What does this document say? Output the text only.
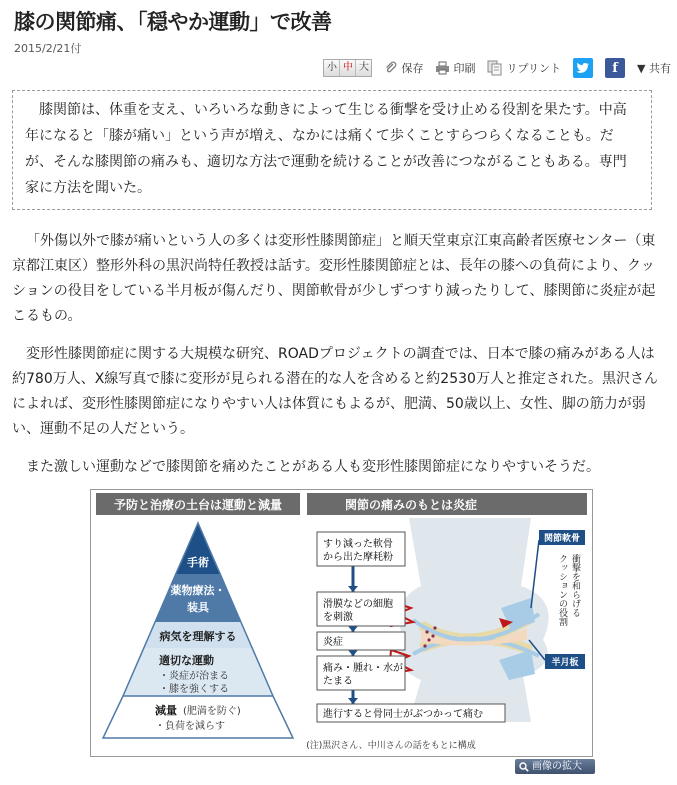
膝の関節痛、「穏やか運動」で改善
2015/2/21付
小 中 大	保存	印刷	リプリント	f ▼ 共有

膝関節は、体重を支え、いろいろな動きによって生じる衝撃を受け止める役割を果たす。中高年になると「膝が痛い」という声が増え、なかには痛くて歩くことすらつらくなることも。だが、そんな膝関節の痛みも、適切な方法で運動を続けることが改善につながることもある。専門家に方法を聞いた。

「外傷以外で膝が痛いという人の多くは変形性膝関節症」と順天堂東京江東高齢者医療センター（東京都江東区）整形外科の黒沢尚特任教授は話す。変形性膝関節症とは、長年の膝への負荷により、クッションの役目をしている半月板が傷んだり、関節軟骨が少しずつすり減ったりして、膝関節に炎症が起こるもの。

変形性膝関節症に関する大規模な研究、ROADプロジェクトの調査では、日本で膝の痛みがある人は約780万人、X線写真で膝に変形が見られる潜在的な人を含めると約2530万人と推定された。黒沢さんによれば、変形性膝関節症になりやすい人は体質にもよるが、肥満、50歳以上、女性、脚の筋力が弱い、運動不足の人だという。

また激しい運動などで膝関節を痛めたことがある人も変形性膝関節症になりやすいそうだ。

予防と治療の土台は運動と減量	関節の痛みのもとは炎症
手術
薬物療法・
装具
病気を理解する
適切な運動
・炎症が治まる
・膝を強くする
減量 (肥満を防ぐ)
・負荷を減らす
すり減った軟骨
から出た摩耗粉
滑膜などの細胞
を刺激
炎症
痛み・腫れ・水が
たまる
進行すると骨同士がぶつかって痛む
関節軟骨
衝撃を和らげる
クッションの役割
半月板
(注)黒沢さん、中川さんの話をもとに構成
画像の拡大
